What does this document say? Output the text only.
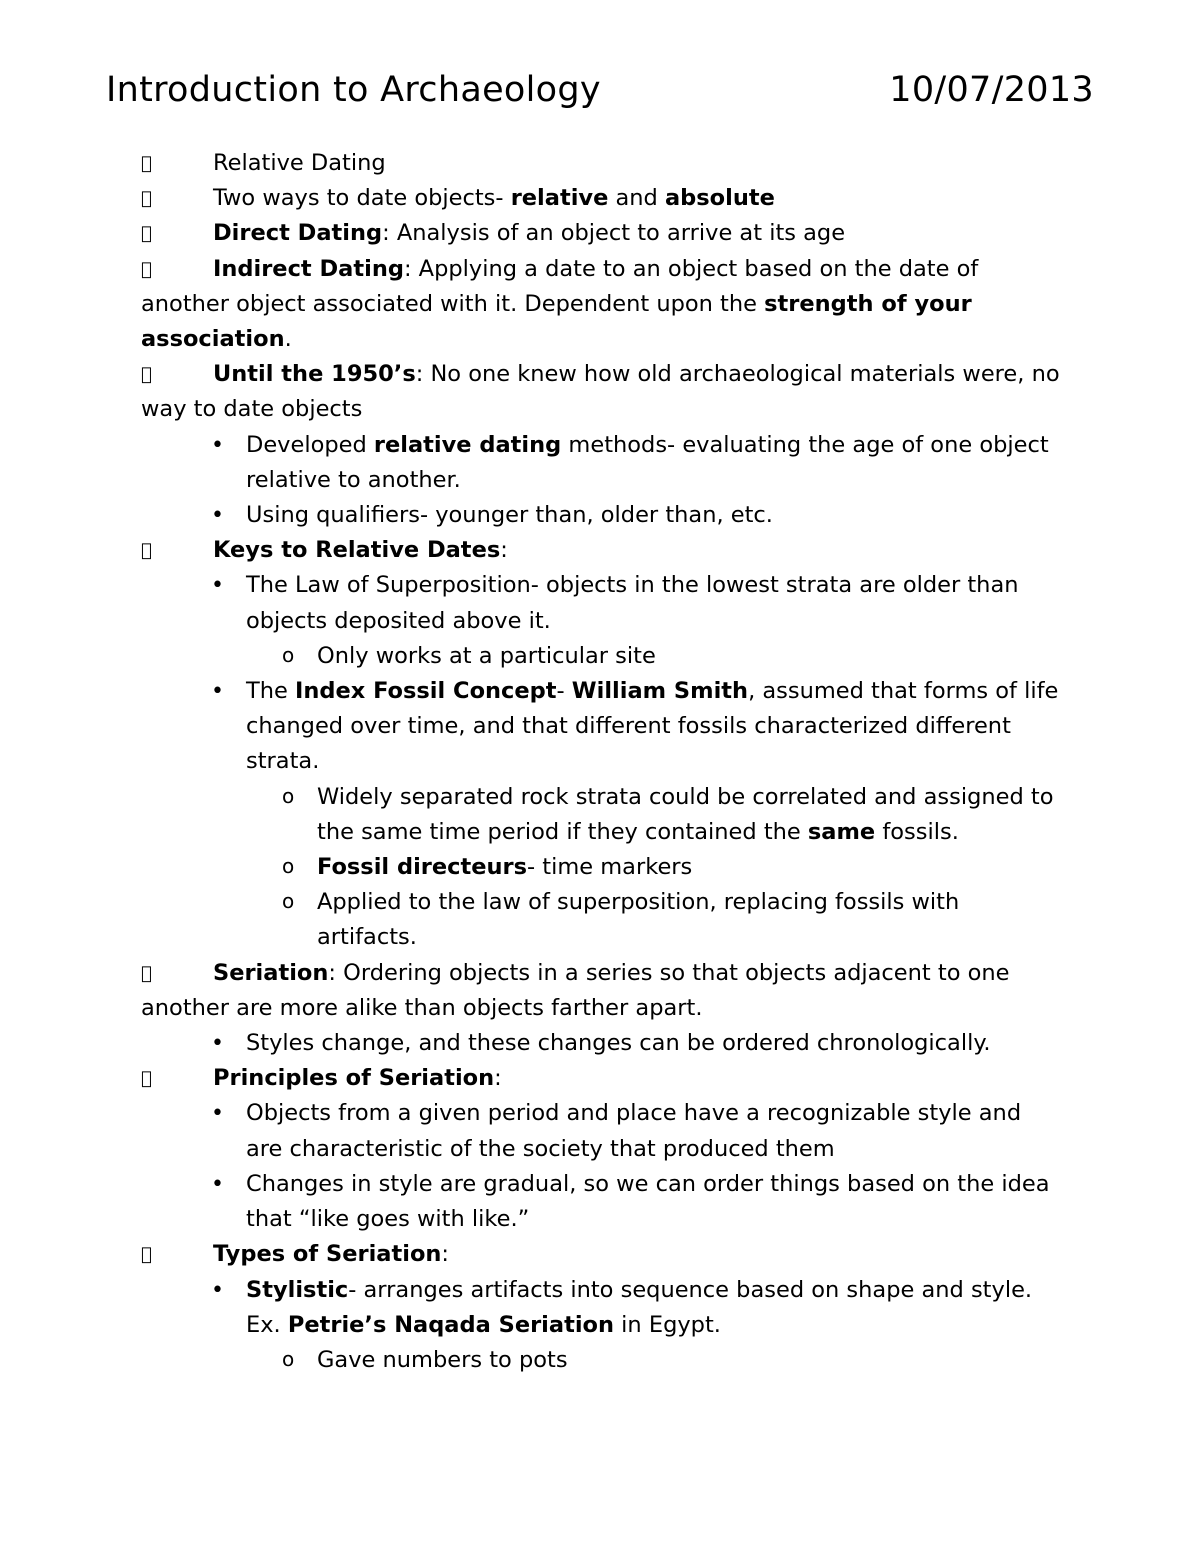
Introduction to Archaeology	10/07/2013

Relative Dating

Two ways to date objects- relative and absolute

Direct Dating: Analysis of an object to arrive at its age

Indirect Dating: Applying a date to an object based on the date of another object associated with it. Dependent upon the strength of your association.

Until the 1950’s: No one knew how old archaeological materials were, no way to date objects

• Developed relative dating methods- evaluating the age of one object relative to another.

• Using qualifiers- younger than, older than, etc.

Keys to Relative Dates:

• The Law of Superposition- objects in the lowest strata are older than objects deposited above it.

o Only works at a particular site

• The Index Fossil Concept- William Smith, assumed that forms of life changed over time, and that different fossils characterized different strata.

o Widely separated rock strata could be correlated and assigned to the same time period if they contained the same fossils.

o Fossil directeurs- time markers

o Applied to the law of superposition, replacing fossils with artifacts.

Seriation: Ordering objects in a series so that objects adjacent to one another are more alike than objects farther apart.

• Styles change, and these changes can be ordered chronologically.

Principles of Seriation:

• Objects from a given period and place have a recognizable style and are characteristic of the society that produced them

• Changes in style are gradual, so we can order things based on the idea that “like goes with like.”

Types of Seriation:

• Stylistic- arranges artifacts into sequence based on shape and style. Ex. Petrie’s Naqada Seriation in Egypt.

o Gave numbers to pots
